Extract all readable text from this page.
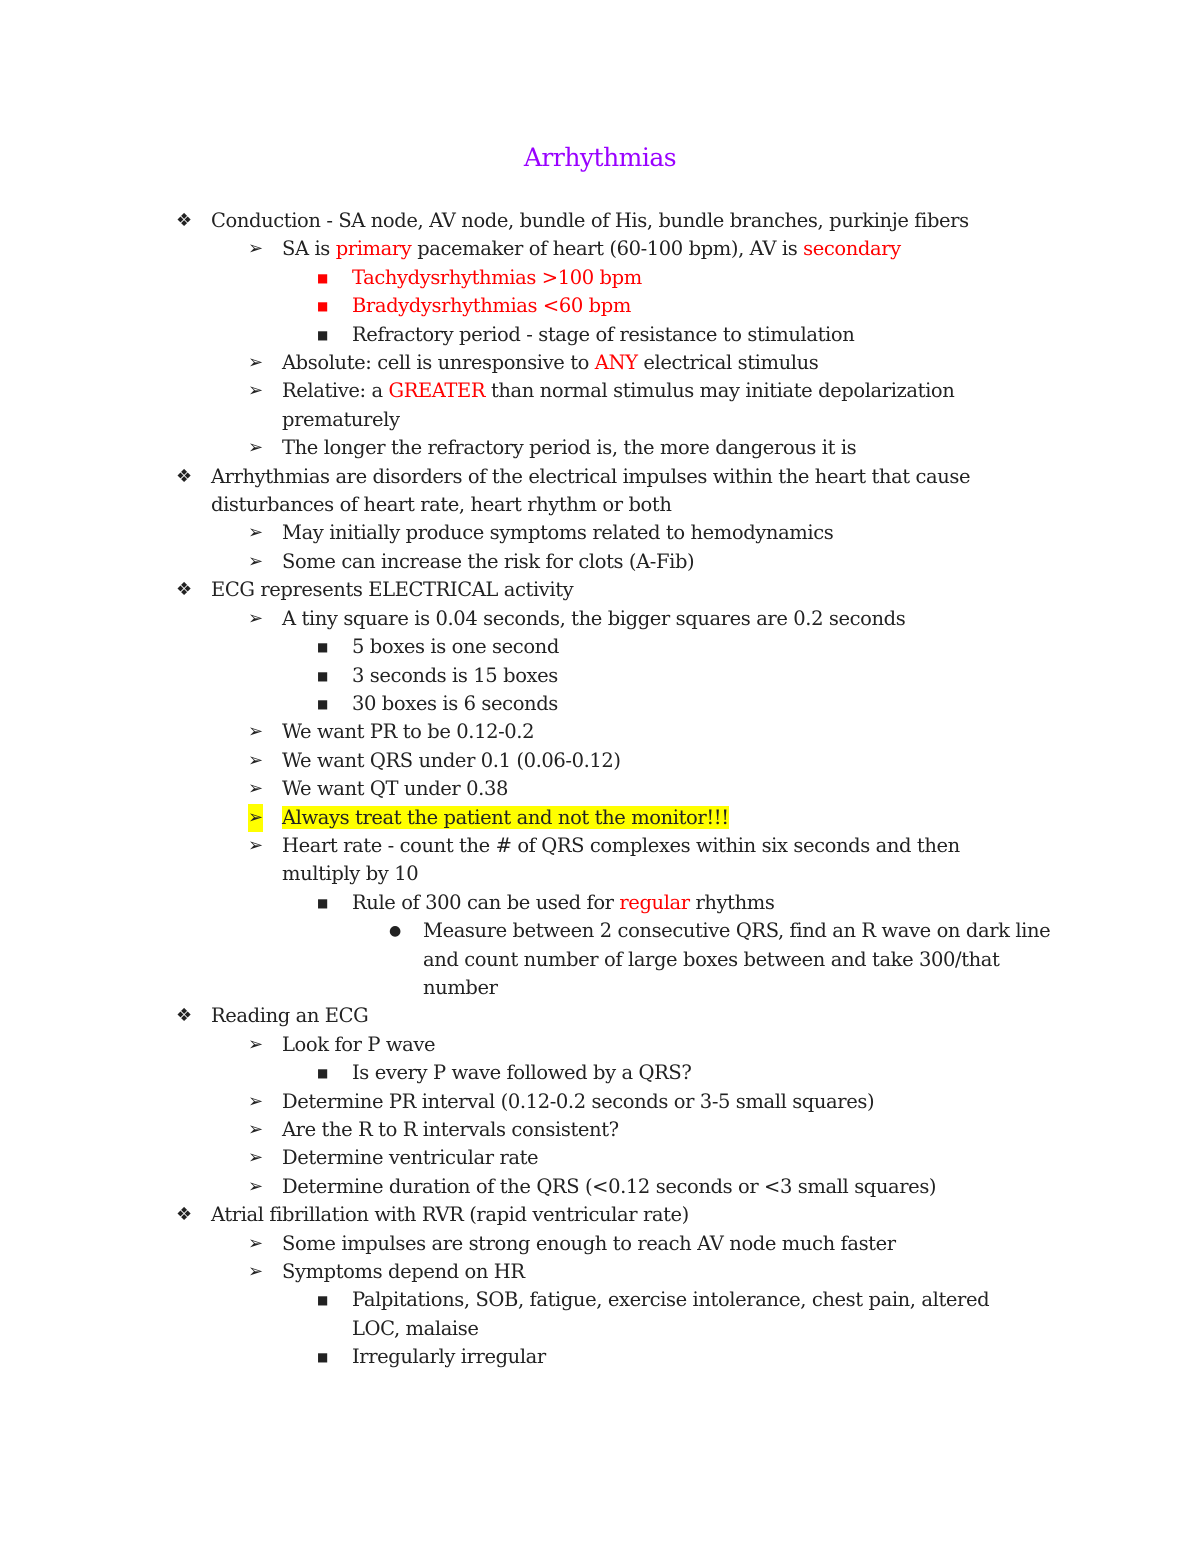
Arrhythmias
❖ Conduction - SA node, AV node, bundle of His, bundle branches, purkinje fibers
➢ SA is primary pacemaker of heart (60-100 bpm), AV is secondary
■ Tachydysrhythmias >100 bpm
■ Bradydysrhythmias <60 bpm
■ Refractory period - stage of resistance to stimulation
➢ Absolute: cell is unresponsive to ANY electrical stimulus
➢ Relative: a GREATER than normal stimulus may initiate depolarization prematurely
➢ The longer the refractory period is, the more dangerous it is
❖ Arrhythmias are disorders of the electrical impulses within the heart that cause disturbances of heart rate, heart rhythm or both
➢ May initially produce symptoms related to hemodynamics
➢ Some can increase the risk for clots (A-Fib)
❖ ECG represents ELECTRICAL activity
➢ A tiny square is 0.04 seconds, the bigger squares are 0.2 seconds
■ 5 boxes is one second
■ 3 seconds is 15 boxes
■ 30 boxes is 6 seconds
➢ We want PR to be 0.12-0.2
➢ We want QRS under 0.1 (0.06-0.12)
➢ We want QT under 0.38
➢ Always treat the patient and not the monitor!!!
➢ Heart rate - count the # of QRS complexes within six seconds and then multiply by 10
■ Rule of 300 can be used for regular rhythms
● Measure between 2 consecutive QRS, find an R wave on dark line and count number of large boxes between and take 300/that number
❖ Reading an ECG
➢ Look for P wave
■ Is every P wave followed by a QRS?
➢ Determine PR interval (0.12-0.2 seconds or 3-5 small squares)
➢ Are the R to R intervals consistent?
➢ Determine ventricular rate
➢ Determine duration of the QRS (<0.12 seconds or <3 small squares)
❖ Atrial fibrillation with RVR (rapid ventricular rate)
➢ Some impulses are strong enough to reach AV node much faster
➢ Symptoms depend on HR
■ Palpitations, SOB, fatigue, exercise intolerance, chest pain, altered LOC, malaise
■ Irregularly irregular
